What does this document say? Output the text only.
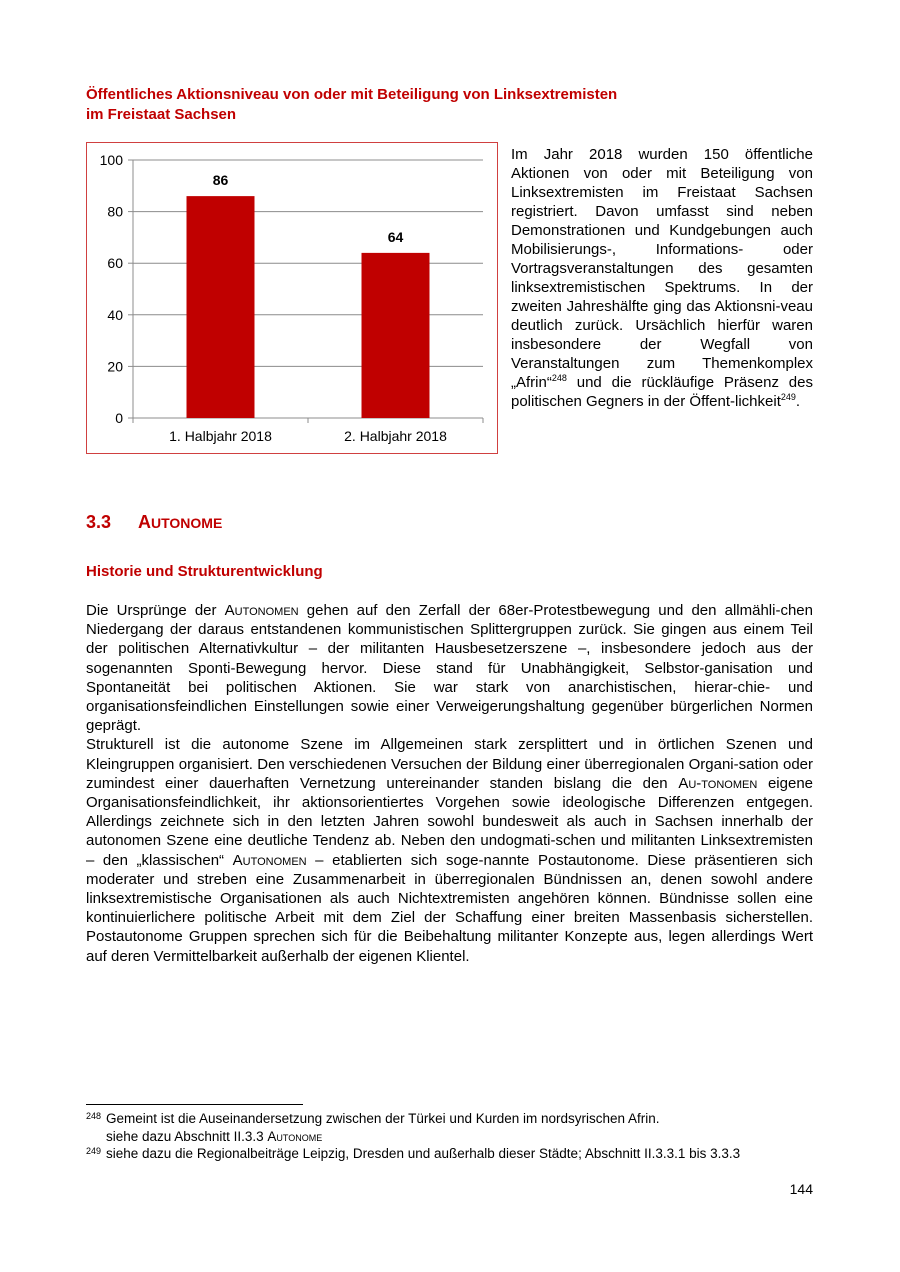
Öffentliches Aktionsniveau von oder mit Beteiligung von Linksextremisten
im Freistaat Sachsen
0
20
40
60
80
100
86
1. Halbjahr 2018
64
2. Halbjahr 2018
Im Jahr 2018 wurden 150 öffentliche Aktionen von oder mit Beteiligung von Linksextremisten im Freistaat Sachsen registriert. Davon umfasst sind neben Demonstrationen und Kundgebungen auch Mobilisierungs-, Informations- oder Vortragsveranstaltungen des gesamten linksextremistischen Spektrums. In der zweiten Jahreshälfte ging das Aktionsni-veau deutlich zurück. Ursächlich hierfür waren insbesondere der Wegfall von Veranstaltungen zum Themenkomplex „Afrin“$^{248}$ und die rückläufige Präsenz des politischen Gegners in der Öffent-lichkeit$^{249}$.
3.3 AUTONOME
Historie und Strukturentwicklung

Die Ursprünge der Autonomen gehen auf den Zerfall der 68er-Protestbewegung und den allmähli-chen Niedergang der daraus entstandenen kommunistischen Splittergruppen zurück. Sie gingen aus einem Teil der politischen Alternativkultur – der militanten Hausbesetzerszene –, insbesondere jedoch aus der sogenannten Sponti-Bewegung hervor. Diese stand für Unabhängigkeit, Selbstor-ganisation und Spontaneität bei politischen Aktionen. Sie war stark von anarchistischen, hierar-chie- und organisationsfeindlichen Einstellungen sowie einer Verweigerungshaltung gegenüber bürgerlichen Normen geprägt.

Strukturell ist die autonome Szene im Allgemeinen stark zersplittert und in örtlichen Szenen und Kleingruppen organisiert. Den verschiedenen Versuchen der Bildung einer überregionalen Organi-sation oder zumindest einer dauerhaften Vernetzung untereinander standen bislang die den Au-tonomen eigene Organisationsfeindlichkeit, ihr aktionsorientiertes Vorgehen sowie ideologische Differenzen entgegen. Allerdings zeichnete sich in den letzten Jahren sowohl bundesweit als auch in Sachsen innerhalb der autonomen Szene eine deutliche Tendenz ab. Neben den undogmati-schen und militanten Linksextremisten – den „klassischen“ Autonomen – etablierten sich soge-nannte Postautonome. Diese präsentieren sich moderater und streben eine Zusammenarbeit in überregionalen Bündnissen an, denen sowohl andere linksextremistische Organisationen als auch Nichtextremisten angehören können. Bündnisse sollen eine kontinuierlichere politische Arbeit mit dem Ziel der Schaffung einer breiten Massenbasis sicherstellen. Postautonome Gruppen sprechen sich für die Beibehaltung militanter Konzepte aus, legen allerdings Wert auf deren Vermittelbarkeit außerhalb der eigenen Klientel.

248 Gemeint ist die Auseinandersetzung zwischen der Türkei und Kurden im nordsyrischen Afrin.
siehe dazu Abschnitt II.3.3 Autonome
249 siehe dazu die Regionalbeiträge Leipzig, Dresden und außerhalb dieser Städte; Abschnitt II.3.3.1 bis 3.3.3
144
